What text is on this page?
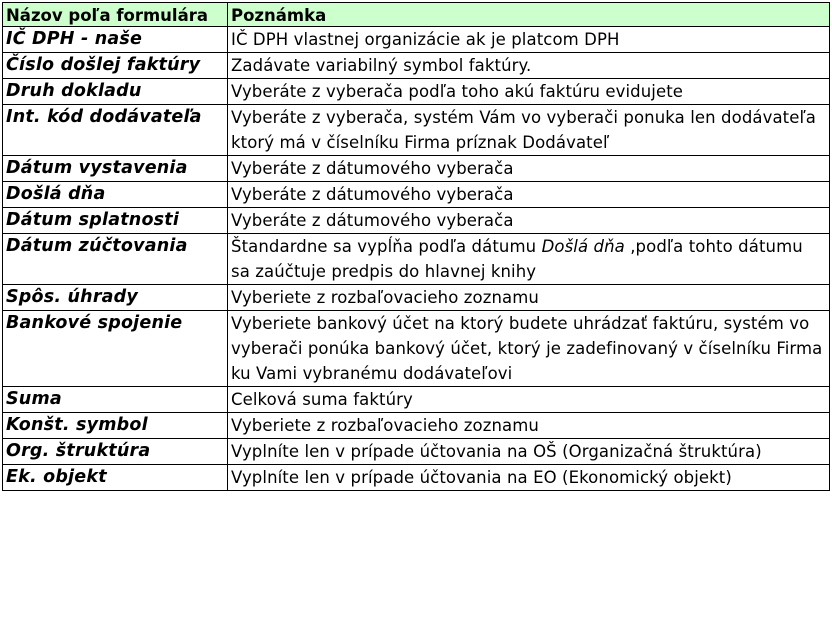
Názov poľa formulára	Poznámka
IČ DPH - naše	IČ DPH vlastnej organizácie ak je platcom DPH
Číslo došlej faktúry	Zadávate variabilný symbol faktúry.
Druh dokladu	Vyberáte z vyberača podľa toho akú faktúru evidujete
Int. kód dodávateľa	Vyberáte z vyberača, systém Vám vo vyberači ponuka len dodávateľa ktorý má v číselníku Firma príznak Dodávateľ
Dátum vystavenia	Vyberáte z dátumového vyberača
Došlá dňa	Vyberáte z dátumového vyberača
Dátum splatnosti	Vyberáte z dátumového vyberača
Dátum zúčtovania	Štandardne sa vypĺňa podľa dátumu Došlá dňa ,podľa tohto dátumu sa zaúčtuje predpis do hlavnej knihy
Spôs. úhrady	Vyberiete z rozbaľovacieho zoznamu
Bankové spojenie	Vyberiete bankový účet na ktorý budete uhrádzať faktúru, systém vo vyberači ponúka bankový účet, ktorý je zadefinovaný v číselníku Firma ku Vami vybranému dodávateľovi
Suma	Celková suma faktúry
Konšt. symbol	Vyberiete z rozbaľovacieho zoznamu
Org. štruktúra	Vyplníte len v prípade účtovania na OŠ (Organizačná štruktúra)
Ek. objekt	Vyplníte len v prípade účtovania na EO (Ekonomický objekt)
